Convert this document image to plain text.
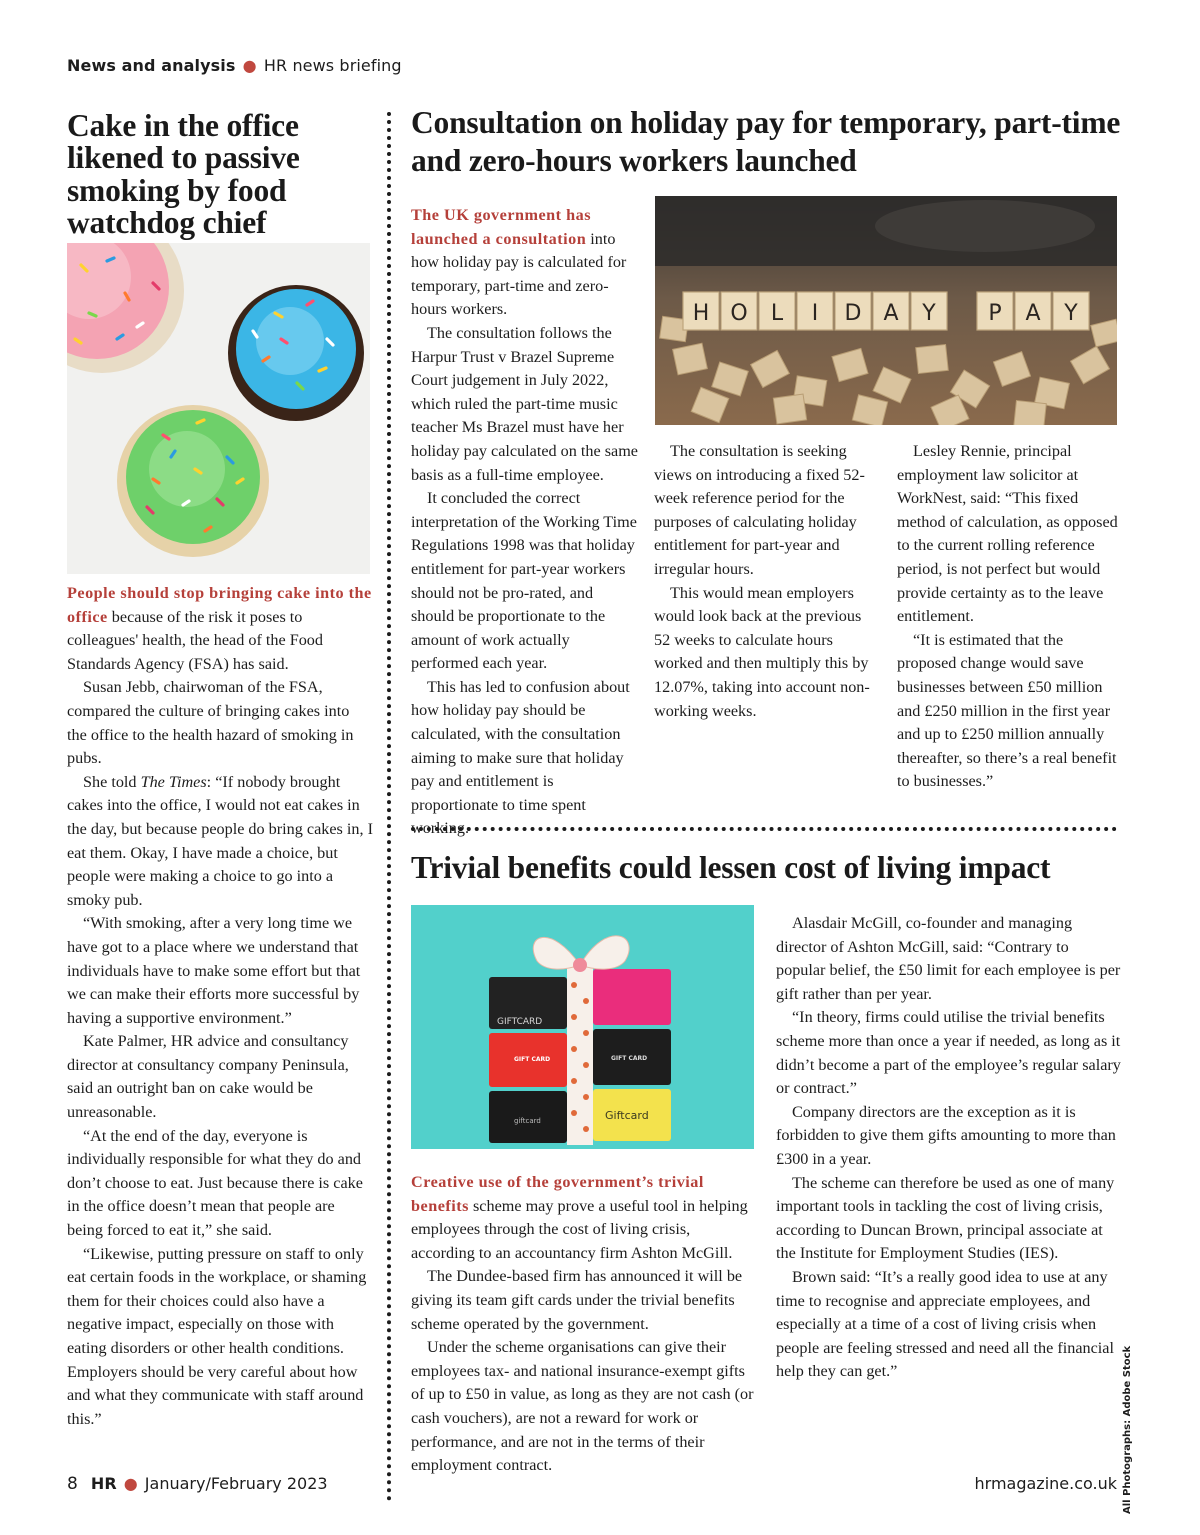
News and analysis ● HR news briefing
Cake in the office likened to passive smoking by food watchdog chief

People should stop bringing cake into the office because of the risk it poses to colleagues' health, the head of the Food Standards Agency (FSA) has said.

Susan Jebb, chairwoman of the FSA, compared the culture of bringing cakes into the office to the health hazard of smoking in pubs.

She told The Times: “If nobody brought cakes into the office, I would not eat cakes in the day, but because people do bring cakes in, I eat them. Okay, I have made a choice, but people were making a choice to go into a smoky pub.

“With smoking, after a very long time we have got to a place where we understand that individuals have to make some effort but that we can make their efforts more successful by having a supportive environment.”

Kate Palmer, HR advice and consultancy director at consultancy company Peninsula, said an outright ban on cake would be unreasonable.

“At the end of the day, everyone is individually responsible for what they do and don’t choose to eat. Just because there is cake in the office doesn’t mean that people are being forced to eat it,” she said.

“Likewise, putting pressure on staff to only eat certain foods in the workplace, or shaming them for their choices could also have a negative impact, especially on those with eating disorders or other health conditions. Employers should be very careful about how and what they communicate with staff around this.”

Consultation on holiday pay for temporary, part-time and zero-hours workers launched

The UK government has launched a consultation into how holiday pay is calculated for temporary, part-time and zero-hours workers.

The consultation follows the Harpur Trust v Brazel Supreme Court judgement in July 2022, which ruled the part-time music teacher Ms Brazel must have her holiday pay calculated on the same basis as a full-time employee.

It concluded the correct interpretation of the Working Time Regulations 1998 was that holiday entitlement for part-year workers should not be pro-rated, and should be proportionate to the amount of work actually performed each year.

This has led to confusion about how holiday pay should be calculated, with the consultation aiming to make sure that holiday pay and entitlement is proportionate to time spent working.

H O L I D A Y P A Y

The consultation is seeking views on introducing a fixed 52-week reference period for the purposes of calculating holiday entitlement for part-year and irregular hours.

This would mean employers would look back at the previous 52 weeks to calculate hours worked and then multiply this by 12.07%, taking into account non-working weeks.

Lesley Rennie, principal employment law solicitor at WorkNest, said: “This fixed method of calculation, as opposed to the current rolling reference period, is not perfect but would provide certainty as to the leave entitlement.

“It is estimated that the proposed change would save businesses between £50 million and £250 million in the first year and up to £250 million annually thereafter, so there’s a real benefit to businesses.”

Trivial benefits could lessen cost of living impact
GIFTCARD
GIFT CARD	GIFT CARD
giftcard	Giftcard

Creative use of the government’s trivial benefits scheme may prove a useful tool in helping employees through the cost of living crisis, according to an accountancy firm Ashton McGill.

The Dundee-based firm has announced it will be giving its team gift cards under the trivial benefits scheme operated by the government.

Under the scheme organisations can give their employees tax- and national insurance-exempt gifts of up to £50 in value, as long as they are not cash (or cash vouchers), are not a reward for work or performance, and are not in the terms of their employment contract.

Alasdair McGill, co-founder and managing director of Ashton McGill, said: “Contrary to popular belief, the £50 limit for each employee is per gift rather than per year.

“In theory, firms could utilise the trivial benefits scheme more than once a year if needed, as long as it didn’t become a part of the employee’s regular salary or contract.”

Company directors are the exception as it is forbidden to give them gifts amounting to more than £300 in a year.

The scheme can therefore be used as one of many important tools in tackling the cost of living crisis, according to Duncan Brown, principal associate at the Institute for Employment Studies (IES).

Brown said: “It’s a really good idea to use at any time to recognise and appreciate employees, and especially at a time of a cost of living crisis when people are feeling stressed and need all the financial help they can get.”	All Photographs: Adobe Stock
8 HR ● January/February 2023	hrmagazine.co.uk
